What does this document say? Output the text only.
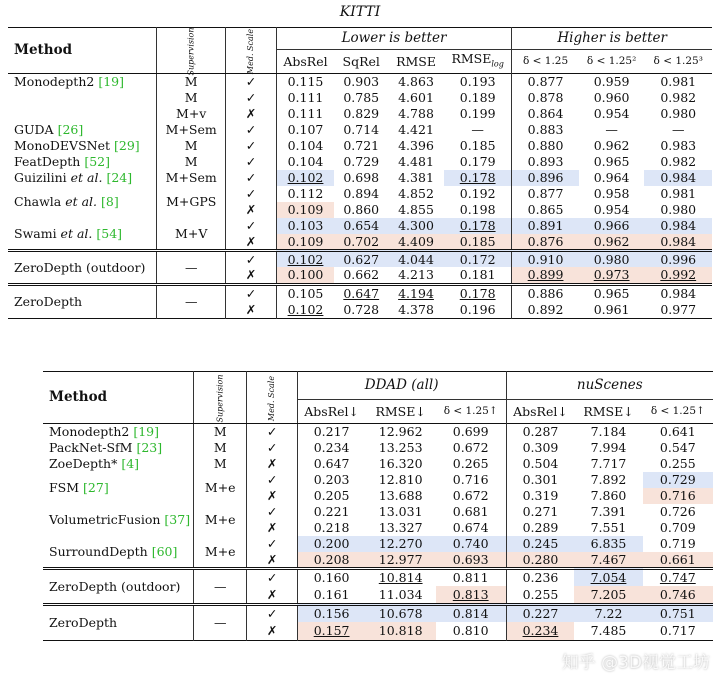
KITTI
Method	Supervision	Med. Scale	Lower is better				Higher is better		
			AbsRel	SqRel	RMSE	$RMSE_{log}$	δ < 1.25	δ < 1.25²	δ < 1.25³
Monodepth2 [19]	M	✓	0.115	0.903	4.863	0.193	0.877	0.959	0.981
	M	✓	0.111	0.785	4.601	0.189	0.878	0.960	0.982
	M+v	✗	0.111	0.829	4.788	0.199	0.864	0.954	0.980
GUDA [26]	M+Sem	✓	0.107	0.714	4.421	—	0.883	—	—
MonoDEVSNet [29]	M	✓	0.104	0.721	4.396	0.185	0.880	0.962	0.983
FeatDepth [52]	M	✓	0.104	0.729	4.481	0.179	0.893	0.965	0.982
Guizilini et al. [24]	M+Sem	✓	0.102	0.698	4.381	0.178	0.896	0.964	0.984
Chawla et al. [8]	M+GPS	✓	0.112	0.894	4.852	0.192	0.877	0.958	0.981
		✗	0.109	0.860	4.855	0.198	0.865	0.954	0.980
Swami et al. [54]	M+V	✓	0.103	0.654	4.300	0.178	0.891	0.966	0.984
		✗	0.109	0.702	4.409	0.185	0.876	0.962	0.984
ZeroDepth (outdoor)	—	✓	0.102	0.627	4.044	0.172	0.910	0.980	0.996
		✗	0.100	0.662	4.213	0.181	0.899	0.973	0.992
ZeroDepth	—	✓	0.105	0.647	4.194	0.178	0.886	0.965	0.984
		✗	0.102	0.728	4.378	0.196	0.892	0.961	0.977
Method	Supervision	Med. Scale	DDAD (all)			nuScenes		
			AbsRel↓	RMSE↓	δ < 1.25↑	AbsRel↓	RMSE↓	δ < 1.25↑
Monodepth2 [19]	M	✓	0.217	12.962	0.699	0.287	7.184	0.641
PackNet-SfM [23]	M	✓	0.234	13.253	0.672	0.309	7.994	0.547
ZoeDepth* [4]	M	✗	0.647	16.320	0.265	0.504	7.717	0.255
FSM [27]	M+e	✓	0.203	12.810	0.716	0.301	7.892	0.729
		✗	0.205	13.688	0.672	0.319	7.860	0.716
VolumetricFusion [37]	M+e	✓	0.221	13.031	0.681	0.271	7.391	0.726
		✗	0.218	13.327	0.674	0.289	7.551	0.709
SurroundDepth [60]	M+e	✓	0.200	12.270	0.740	0.245	6.835	0.719
		✗	0.208	12.977	0.693	0.280	7.467	0.661
ZeroDepth (outdoor)	—	✓	0.160	10.814	0.811	0.236	7.054	0.747
		✗	0.161	11.034	0.813	0.255	7.205	0.746
ZeroDepth	—	✓	0.156	10.678	0.814	0.227	7.22	0.751
		✗	0.157	10.818	0.810	0.234	7.485	0.717
知乎 @3D视觉工坊
